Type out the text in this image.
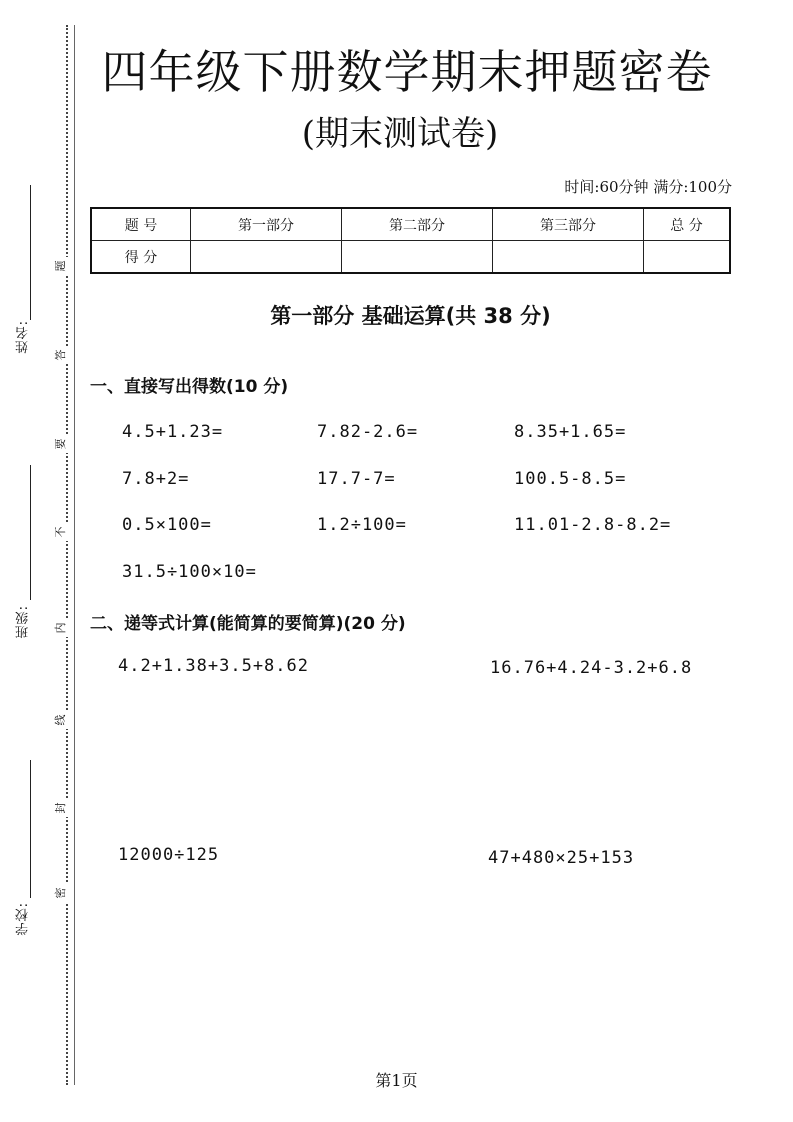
姓名:
班级:
学校:
题
答
要
不
内
线
封
密
四年级下册数学期末押题密卷
(期末测试卷)
时间:60分钟 满分:100分
题 号	第一部分	第二部分	第三部分	总 分
得 分				
第一部分 基础运算(共 38 分)
一、直接写出得数(10 分)
4.5+1.23=	7.82-2.6=	8.35+1.65=
7.8+2=	17.7-7=	100.5-8.5=
0.5×100=	1.2÷100=	11.01-2.8-8.2=
31.5÷100×10=
二、递等式计算(能简算的要简算)(20 分)
4.2+1.38+3.5+8.62	16.76+4.24-3.2+6.8
12000÷125	47+480×25+153
第1页
